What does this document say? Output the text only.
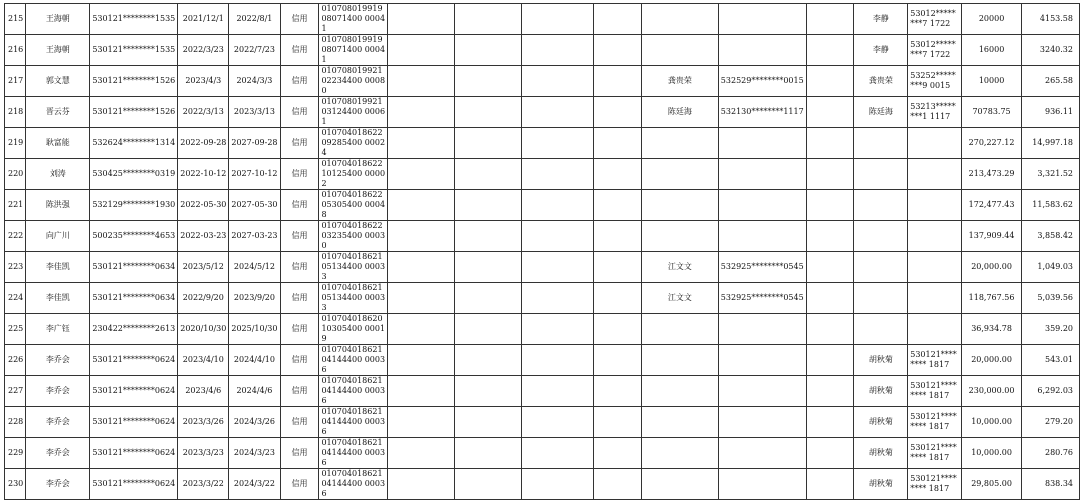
215	王海朝	530121********1535	2021/12/1	2022/8/1	信用	01070801991908071400 00041								李静	53012********7 1722	20000	4153.58
216	王海朝	530121********1535	2022/3/23	2022/7/23	信用	01070801991908071400 00041								李静	53012********7 1722	16000	3240.32
217	郭文慧	530121********1526	2023/4/3	2024/3/3	信用	01070801992102234400 00080					龚贵荣	532529********0015		龚贵荣	53252********9 0015	10000	265.58
218	晋云芬	530121********1526	2022/3/13	2023/3/13	信用	01070801992103124400 00061					陈廷海	532130********1117		陈廷海	53213********1 1117	70783.75	936.11
219	耿富能	532624********1314	2022-09-28	2027-09-28	信用	01070401862209285400 00024										270,227.12	14,997.18
220	刘涛	530425********0319	2022-10-12	2027-10-12	信用	01070401862210125400 00002										213,473.29	3,321.52
221	陈洪强	532129********1930	2022-05-30	2027-05-30	信用	01070401862205305400 00048										172,477.43	11,583.62
222	向广川	500235********4653	2022-03-23	2027-03-23	信用	01070401862203235400 00030										137,909.44	3,858.42
223	李佳凯	530121********0634	2023/5/12	2024/5/12	信用	01070401862105134400 00033					江文文	532925********0545				20,000.00	1,049.03
224	李佳凯	530121********0634	2022/9/20	2023/9/20	信用	01070401862105134400 00033					江文文	532925********0545				118,767.56	5,039.56
225	李广钰	230422********2613	2020/10/30	2025/10/30	信用	01070401862010305400 00019										36,934.78	359.20
226	李乔会	530121********0624	2023/4/10	2024/4/10	信用	01070401862104144400 00036								胡秋菊	530121******** 1817	20,000.00	543.01
227	李乔会	530121********0624	2023/4/6	2024/4/6	信用	01070401862104144400 00036								胡秋菊	530121******** 1817	230,000.00	6,292.03
228	李乔会	530121********0624	2023/3/26	2024/3/26	信用	01070401862104144400 00036								胡秋菊	530121******** 1817	10,000.00	279.20
229	李乔会	530121********0624	2023/3/23	2024/3/23	信用	01070401862104144400 00036								胡秋菊	530121******** 1817	10,000.00	280.76
230	李乔会	530121********0624	2023/3/22	2024/3/22	信用	01070401862104144400 00036								胡秋菊	530121******** 1817	29,805.00	838.34
